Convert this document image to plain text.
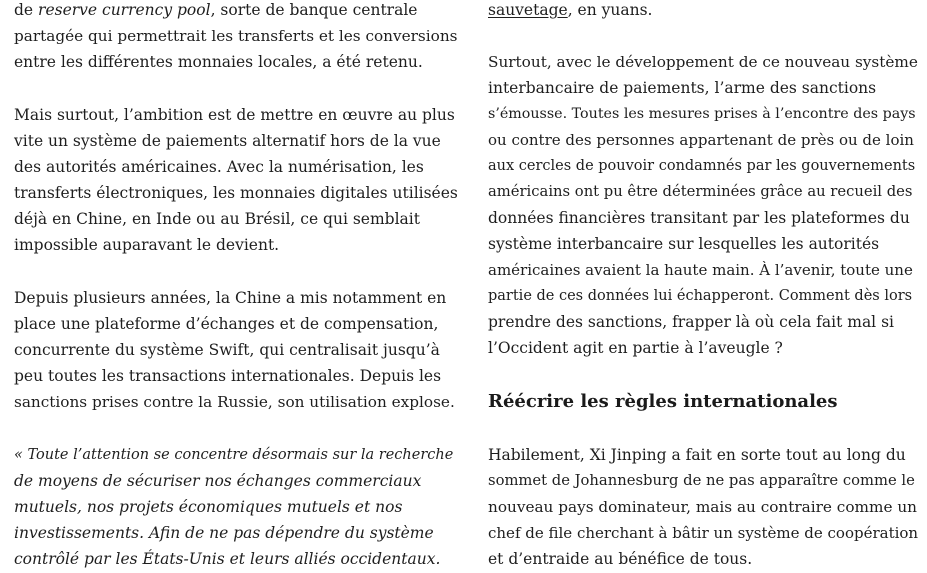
de reserve currency pool, sorte de banque centrale
partagée qui permettrait les transferts et les conversions
entre les différentes monnaies locales, a été retenu.
Mais surtout, l’ambition est de mettre en œuvre au plus
vite un système de paiements alternatif hors de la vue
des autorités américaines. Avec la numérisation, les
transferts électroniques, les monnaies digitales utilisées
déjà en Chine, en Inde ou au Brésil, ce qui semblait
impossible auparavant le devient.
Depuis plusieurs années, la Chine a mis notamment en
place une plateforme d’échanges et de compensation,
concurrente du système Swift, qui centralisait jusqu’à
peu toutes les transactions internationales. Depuis les
sanctions prises contre la Russie, son utilisation explose.
« Toute l’attention se concentre désormais sur la recherche
de moyens de sécuriser nos échanges commerciaux
mutuels, nos projets économiques mutuels et nos
investissements. Afin de ne pas dépendre du système
contrôlé par les États-Unis et leurs alliés occidentaux.
sauvetage, en yuans.
Surtout, avec le développement de ce nouveau système
interbancaire de paiements, l’arme des sanctions
s’émousse. Toutes les mesures prises à l’encontre des pays
ou contre des personnes appartenant de près ou de loin
aux cercles de pouvoir condamnés par les gouvernements
américains ont pu être déterminées grâce au recueil des
données financières transitant par les plateformes du
système interbancaire sur lesquelles les autorités
américaines avaient la haute main. À l’avenir, toute une
partie de ces données lui échapperont. Comment dès lors
prendre des sanctions, frapper là où cela fait mal si
l’Occident agit en partie à l’aveugle ?
Réécrire les règles internationales
Habilement, Xi Jinping a fait en sorte tout au long du
sommet de Johannesburg de ne pas apparaître comme le
nouveau pays dominateur, mais au contraire comme un
chef de file cherchant à bâtir un système de coopération
et d’entraide au bénéfice de tous.
